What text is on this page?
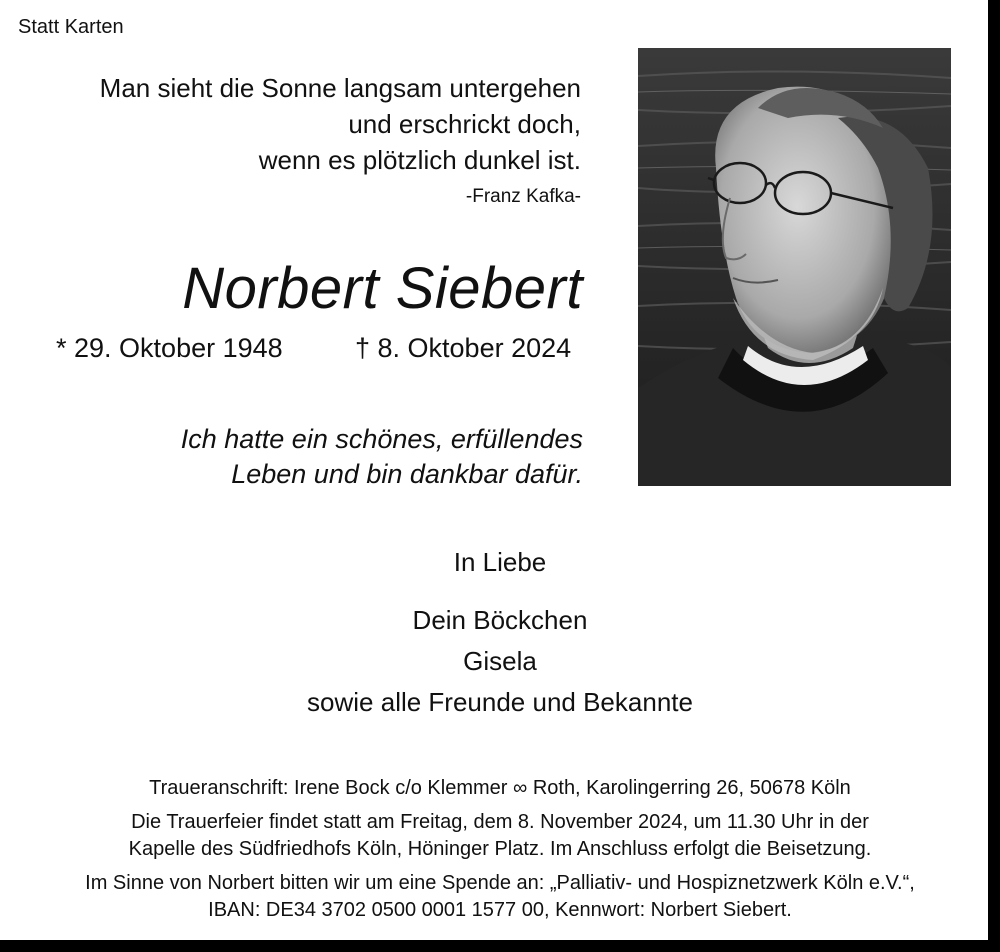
Statt Karten
Man sieht die Sonne langsam untergehen
und erschrickt doch,
wenn es plötzlich dunkel ist.
-Franz Kafka-
Norbert Siebert
* 29. Oktober 1948	† 8. Oktober 2024
Ich hatte ein schönes, erfüllendes
Leben und bin dankbar dafür.
In Liebe
Dein Böckchen
Gisela
sowie alle Freunde und Bekannte
Traueranschrift: Irene Bock c/o Klemmer ∞ Roth, Karolingerring 26, 50678 Köln
Die Trauerfeier findet statt am Freitag, dem 8. November 2024, um 11.30 Uhr in der
Kapelle des Südfriedhofs Köln, Höninger Platz. Im Anschluss erfolgt die Beisetzung.
Im Sinne von Norbert bitten wir um eine Spende an: „Palliativ- und Hospiznetzwerk Köln e.V.“,
IBAN: DE34 3702 0500 0001 1577 00, Kennwort: Norbert Siebert.
